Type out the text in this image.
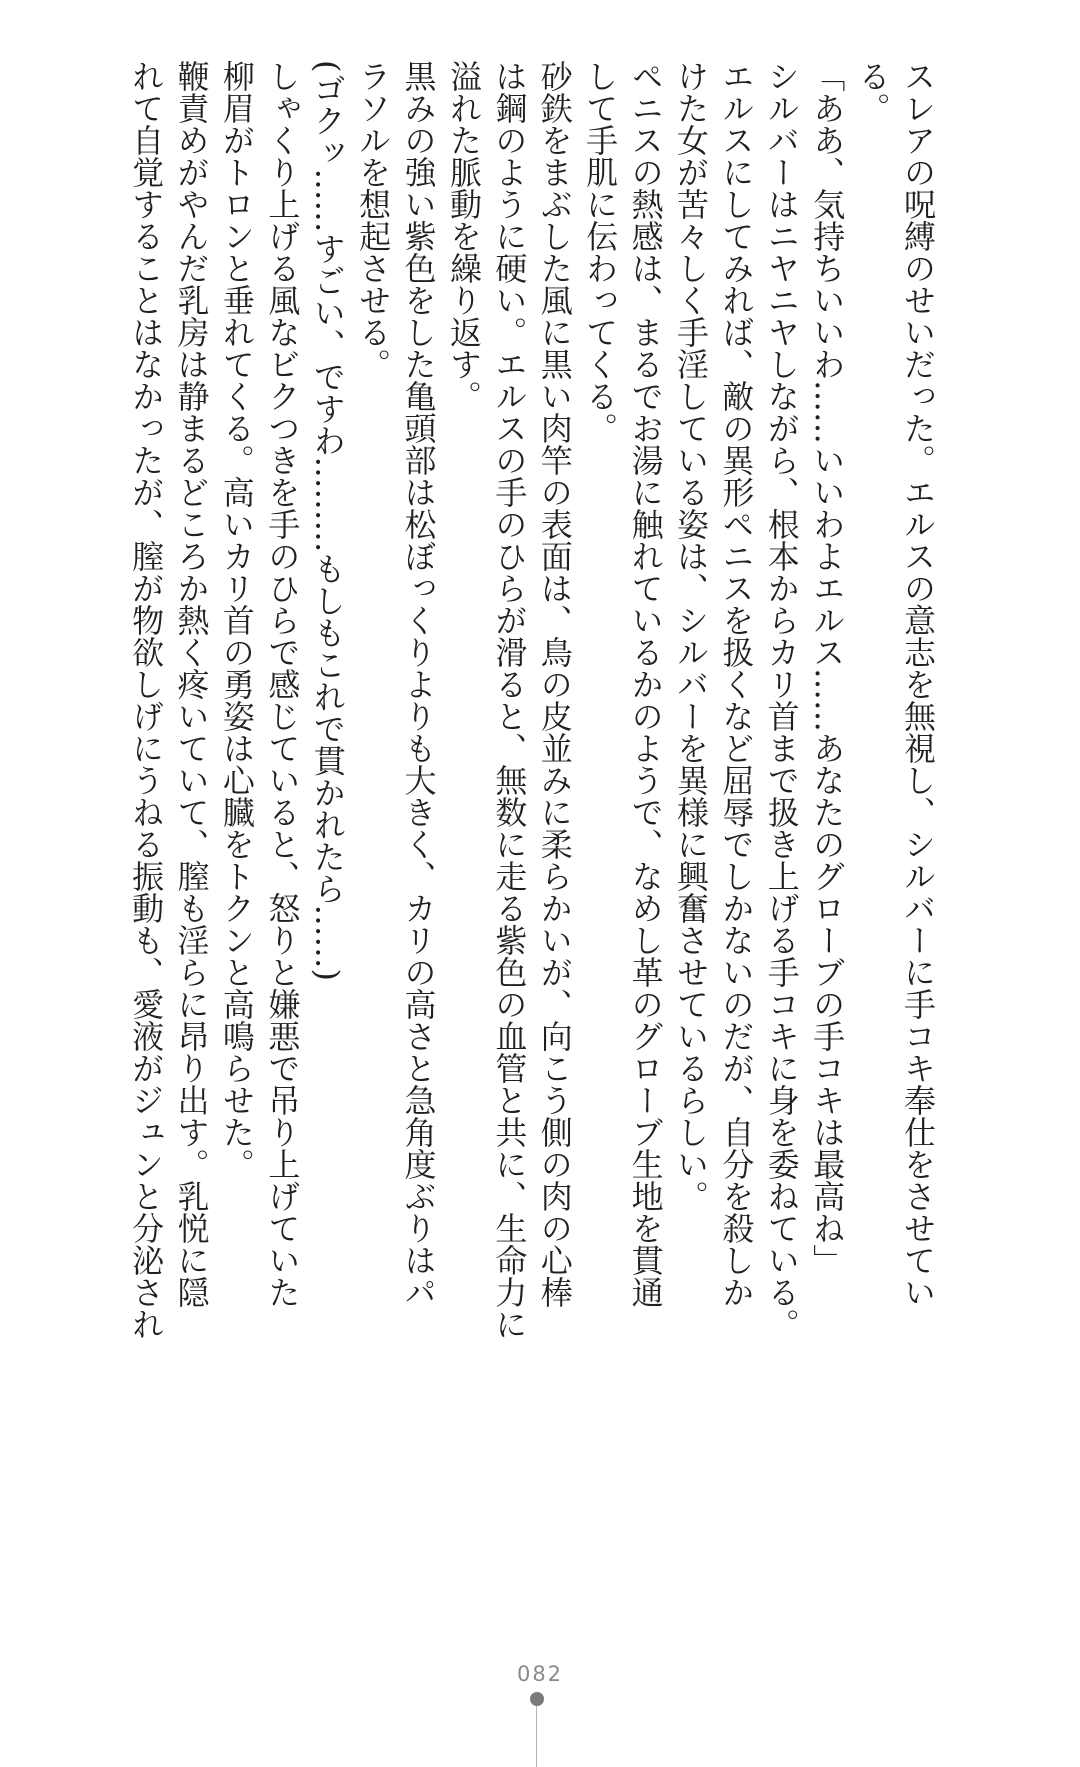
スレアの呪縛のせいだった。エルスの意志を無視し、シルバーに手コキ奉仕をさせてい

る。

「ああ、気持ちいいわ……いいわよエルス……あなたのグローブの手コキは最高ね」

シルバーはニヤニヤしながら、根本からカリ首まで扱き上げる手コキに身を委ねている。

エルスにしてみれば、敵の異形ペニスを扱くなど屈辱でしかないのだが、自分を殺しか

けた女が苦々しく手淫している姿は、シルバーを異様に興奮させているらしい。

ペニスの熱感は、まるでお湯に触れているかのようで、なめし革のグローブ生地を貫通

して手肌に伝わってくる。

砂鉄をまぶした風に黒い肉竿の表面は、鳥の皮並みに柔らかいが、向こう側の肉の心棒

は鋼のように硬い。エルスの手のひらが滑ると、無数に走る紫色の血管と共に、生命力に

溢れた脈動を繰り返す。

黒みの強い紫色をした亀頭部は松ぼっくりよりも大きく、カリの高さと急角度ぶりはパ

ラソルを想起させる。

(ゴクッ……すごい、ですわ………もしもこれで貫かれたら……)

しゃくり上げる風なビクつきを手のひらで感じていると、怒りと嫌悪で吊り上げていた

柳眉がトロンと垂れてくる。高いカリ首の勇姿は心臓をトクンと高鳴らせた。

鞭責めがやんだ乳房は静まるどころか熱く疼いていて、膣も淫らに昂り出す。乳悦に隠

れて自覚することはなかったが、膣が物欲しげにうねる振動も、愛液がジュンと分泌され

082
